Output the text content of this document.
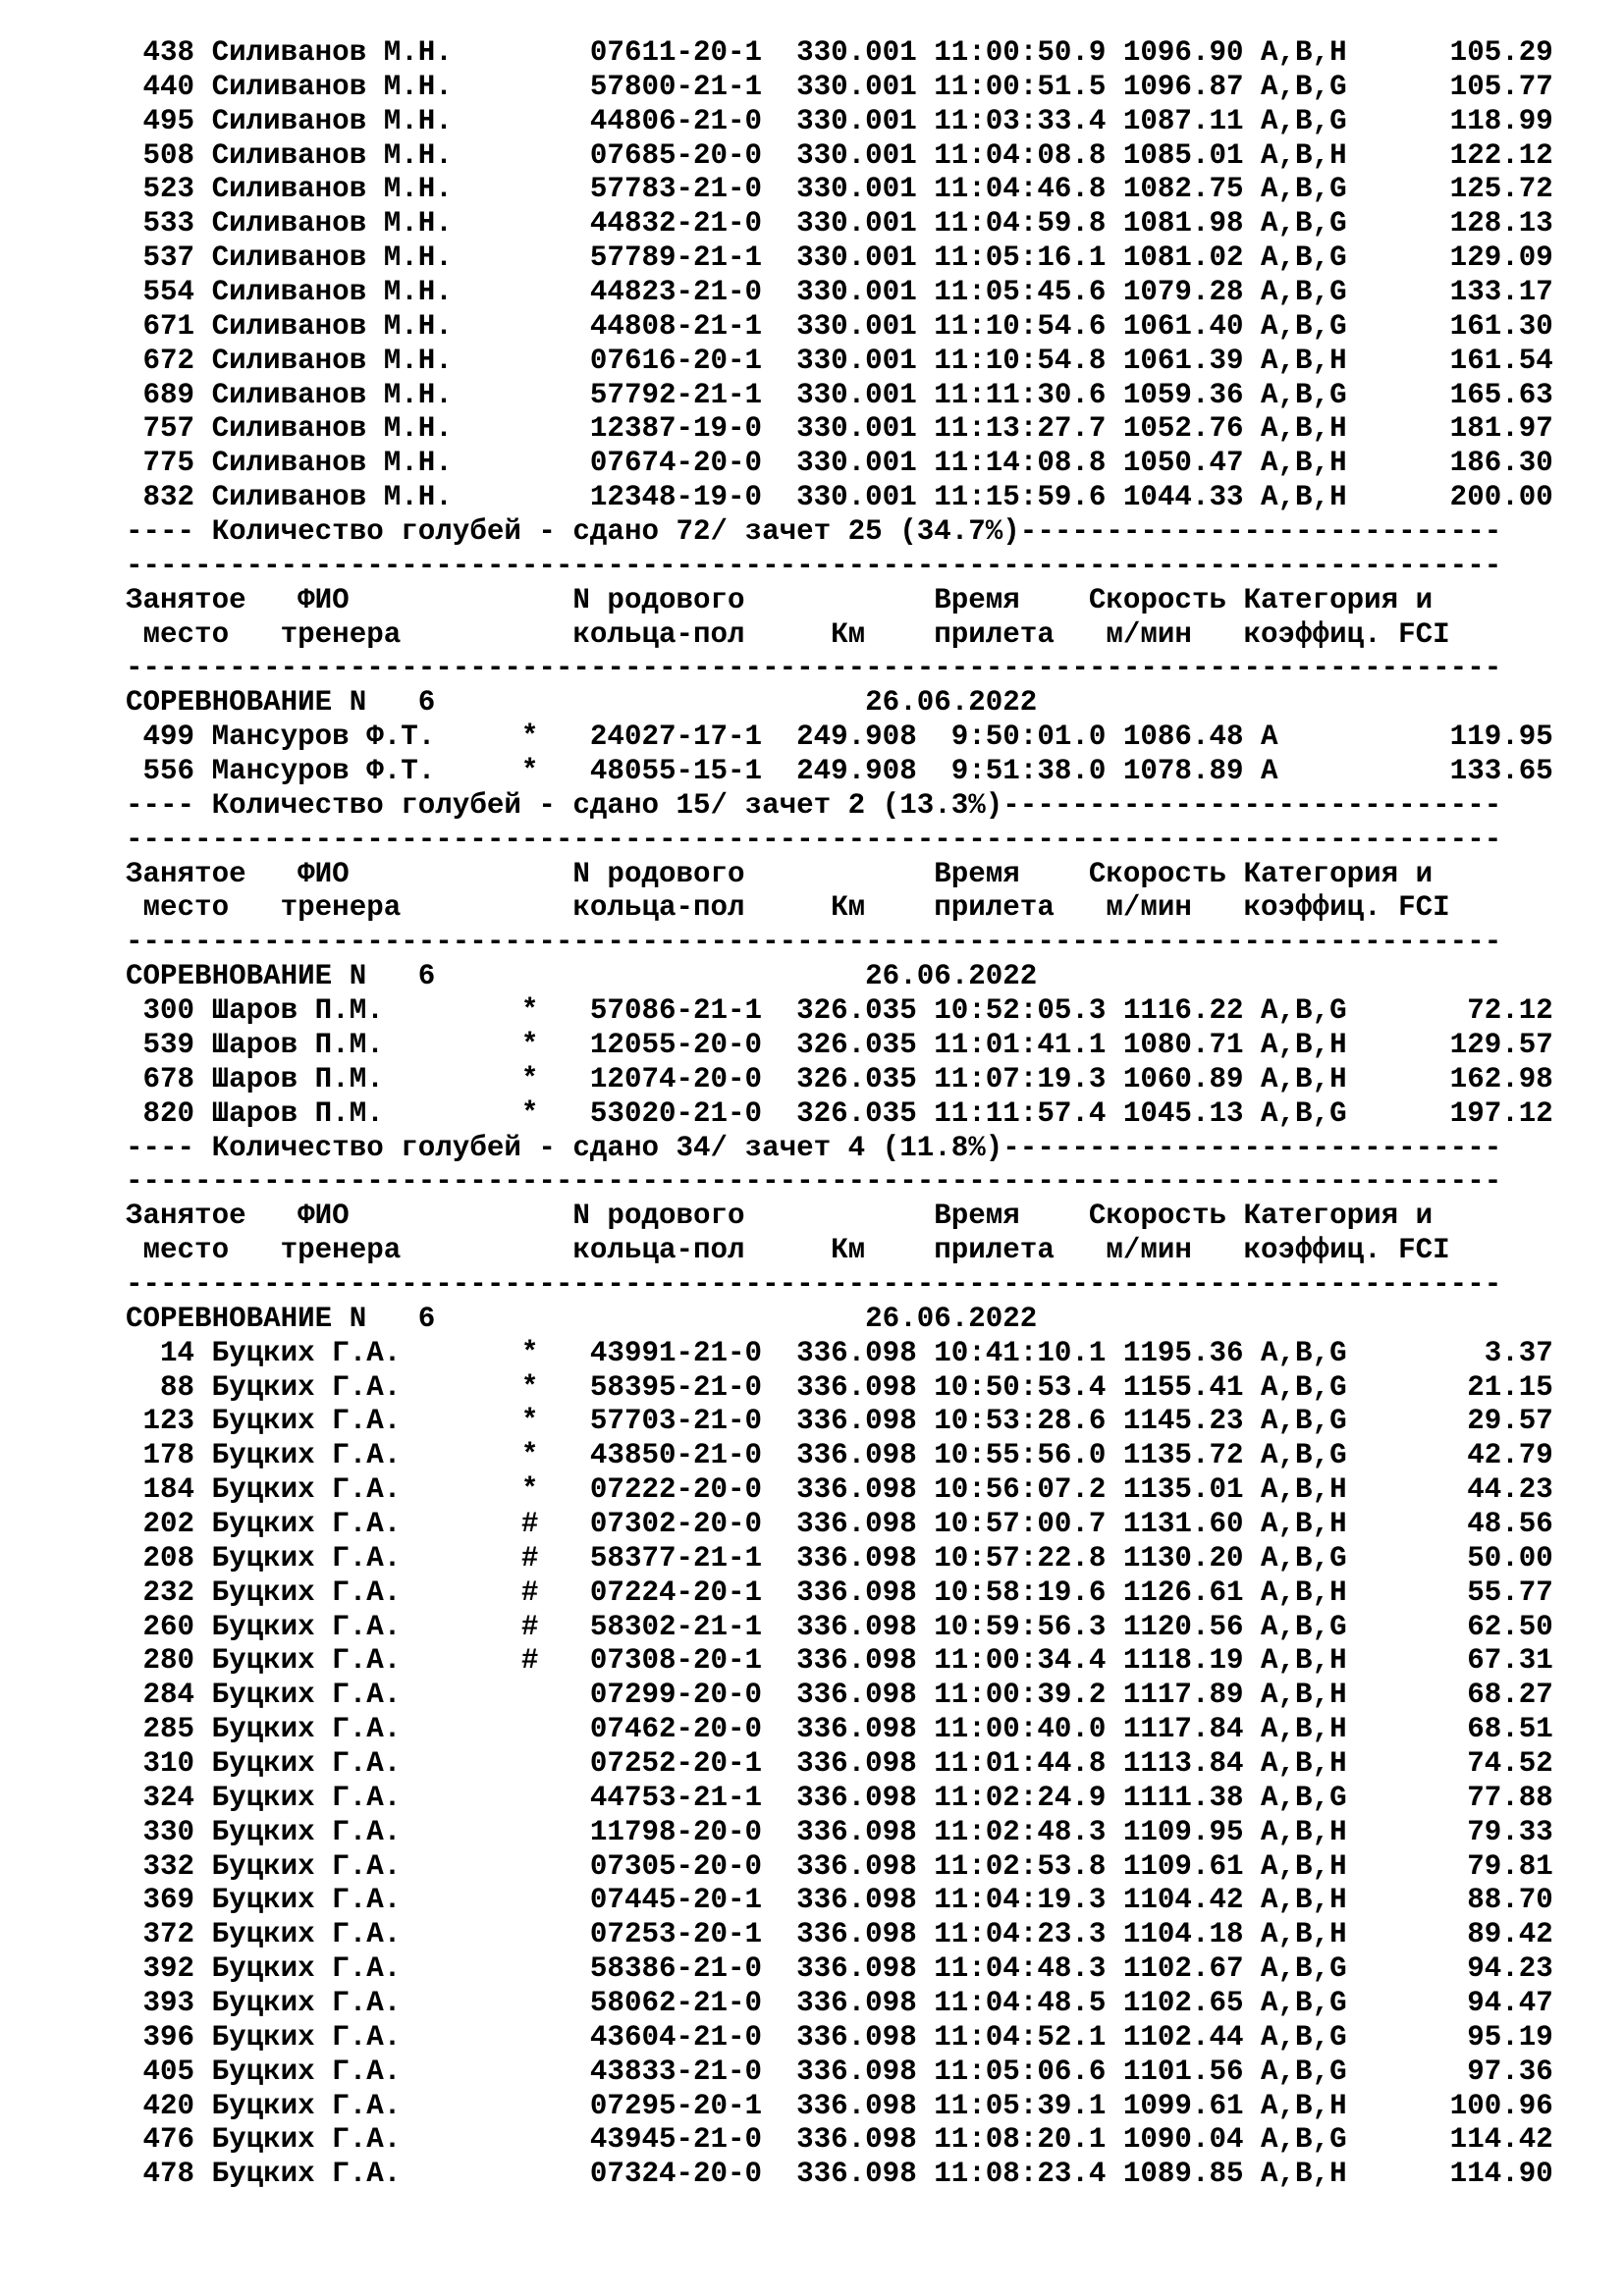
438 Силиванов М.Н.        07611-20-1  330.001 11:00:50.9 1096.90 A,B,H      105.29
440 Силиванов М.Н.        57800-21-1  330.001 11:00:51.5 1096.87 A,B,G      105.77
495 Силиванов М.Н.        44806-21-0  330.001 11:03:33.4 1087.11 A,B,G      118.99
508 Силиванов М.Н.        07685-20-0  330.001 11:04:08.8 1085.01 A,B,H      122.12
523 Силиванов М.Н.        57783-21-0  330.001 11:04:46.8 1082.75 A,B,G      125.72
533 Силиванов М.Н.        44832-21-0  330.001 11:04:59.8 1081.98 A,B,G      128.13
537 Силиванов М.Н.        57789-21-1  330.001 11:05:16.1 1081.02 A,B,G      129.09
554 Силиванов М.Н.        44823-21-0  330.001 11:05:45.6 1079.28 A,B,G      133.17
671 Силиванов М.Н.        44808-21-1  330.001 11:10:54.6 1061.40 A,B,G      161.30
672 Силиванов М.Н.        07616-20-1  330.001 11:10:54.8 1061.39 A,B,H      161.54
689 Силиванов М.Н.        57792-21-1  330.001 11:11:30.6 1059.36 A,B,G      165.63
757 Силиванов М.Н.        12387-19-0  330.001 11:13:27.7 1052.76 A,B,H      181.97
775 Силиванов М.Н.        07674-20-0  330.001 11:14:08.8 1050.47 A,B,H      186.30
832 Силиванов М.Н.        12348-19-0  330.001 11:15:59.6 1044.33 A,B,H      200.00
---- Количество голубей - сдано 72/ зачет 25 (34.7%)----------------------------
--------------------------------------------------------------------------------
Занятое   ФИО             N родового           Время    Скорость Категория и
место   тренера          кольца-пол     Км    прилета   м/мин   коэффиц. FCI
--------------------------------------------------------------------------------
СОРЕВНОВАНИЕ N   6                         26.06.2022
499 Мансуров Ф.Т.     *   24027-17-1  249.908  9:50:01.0 1086.48 A          119.95
556 Мансуров Ф.Т.     *   48055-15-1  249.908  9:51:38.0 1078.89 A          133.65
---- Количество голубей - сдано 15/ зачет 2 (13.3%)-----------------------------
--------------------------------------------------------------------------------
Занятое   ФИО             N родового           Время    Скорость Категория и
место   тренера          кольца-пол     Км    прилета   м/мин   коэффиц. FCI
--------------------------------------------------------------------------------
СОРЕВНОВАНИЕ N   6                         26.06.2022
300 Шаров П.М.        *   57086-21-1  326.035 10:52:05.3 1116.22 A,B,G       72.12
539 Шаров П.М.        *   12055-20-0  326.035 11:01:41.1 1080.71 A,B,H      129.57
678 Шаров П.М.        *   12074-20-0  326.035 11:07:19.3 1060.89 A,B,H      162.98
820 Шаров П.М.        *   53020-21-0  326.035 11:11:57.4 1045.13 A,B,G      197.12
---- Количество голубей - сдано 34/ зачет 4 (11.8%)-----------------------------
--------------------------------------------------------------------------------
Занятое   ФИО             N родового           Время    Скорость Категория и
место   тренера          кольца-пол     Км    прилета   м/мин   коэффиц. FCI
--------------------------------------------------------------------------------
СОРЕВНОВАНИЕ N   6                         26.06.2022
14 Буцких Г.А.       *   43991-21-0  336.098 10:41:10.1 1195.36 A,B,G        3.37
88 Буцких Г.А.       *   58395-21-0  336.098 10:50:53.4 1155.41 A,B,G       21.15
123 Буцких Г.А.       *   57703-21-0  336.098 10:53:28.6 1145.23 A,B,G       29.57
178 Буцких Г.А.       *   43850-21-0  336.098 10:55:56.0 1135.72 A,B,G       42.79
184 Буцких Г.А.       *   07222-20-0  336.098 10:56:07.2 1135.01 A,B,H       44.23
202 Буцких Г.А.       #   07302-20-0  336.098 10:57:00.7 1131.60 A,B,H       48.56
208 Буцких Г.А.       #   58377-21-1  336.098 10:57:22.8 1130.20 A,B,G       50.00
232 Буцких Г.А.       #   07224-20-1  336.098 10:58:19.6 1126.61 A,B,H       55.77
260 Буцких Г.А.       #   58302-21-1  336.098 10:59:56.3 1120.56 A,B,G       62.50
280 Буцких Г.А.       #   07308-20-1  336.098 11:00:34.4 1118.19 A,B,H       67.31
284 Буцких Г.А.           07299-20-0  336.098 11:00:39.2 1117.89 A,B,H       68.27
285 Буцких Г.А.           07462-20-0  336.098 11:00:40.0 1117.84 A,B,H       68.51
310 Буцких Г.А.           07252-20-1  336.098 11:01:44.8 1113.84 A,B,H       74.52
324 Буцких Г.А.           44753-21-1  336.098 11:02:24.9 1111.38 A,B,G       77.88
330 Буцких Г.А.           11798-20-0  336.098 11:02:48.3 1109.95 A,B,H       79.33
332 Буцких Г.А.           07305-20-0  336.098 11:02:53.8 1109.61 A,B,H       79.81
369 Буцких Г.А.           07445-20-1  336.098 11:04:19.3 1104.42 A,B,H       88.70
372 Буцких Г.А.           07253-20-1  336.098 11:04:23.3 1104.18 A,B,H       89.42
392 Буцких Г.А.           58386-21-0  336.098 11:04:48.3 1102.67 A,B,G       94.23
393 Буцких Г.А.           58062-21-0  336.098 11:04:48.5 1102.65 A,B,G       94.47
396 Буцких Г.А.           43604-21-0  336.098 11:04:52.1 1102.44 A,B,G       95.19
405 Буцких Г.А.           43833-21-0  336.098 11:05:06.6 1101.56 A,B,G       97.36
420 Буцких Г.А.           07295-20-1  336.098 11:05:39.1 1099.61 A,B,H      100.96
476 Буцких Г.А.           43945-21-0  336.098 11:08:20.1 1090.04 A,B,G      114.42
478 Буцких Г.А.           07324-20-0  336.098 11:08:23.4 1089.85 A,B,H      114.90
